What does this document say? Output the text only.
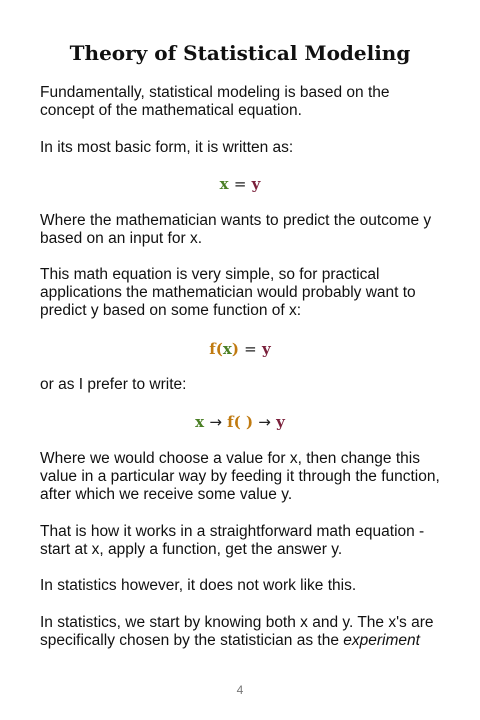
Theory of Statistical Modeling

Fundamentally, statistical modeling is based on the concept of the mathematical equation.

In its most basic form, it is written as:

x = y

Where the mathematician wants to predict the outcome y based on an input for x.

This math equation is very simple, so for practical applications the mathematician would probably want to predict y based on some function of x:

f(x) = y

or as I prefer to write:

x → f( ) → y

Where we would choose a value for x, then change this value in a particular way by feeding it through the function, after which we receive some value y.

That is how it works in a straightforward math equation - start at x, apply a function, get the answer y.

In statistics however, it does not work like this.

In statistics, we start by knowing both x and y. The x's are specifically chosen by the statistician as the experiment

4
